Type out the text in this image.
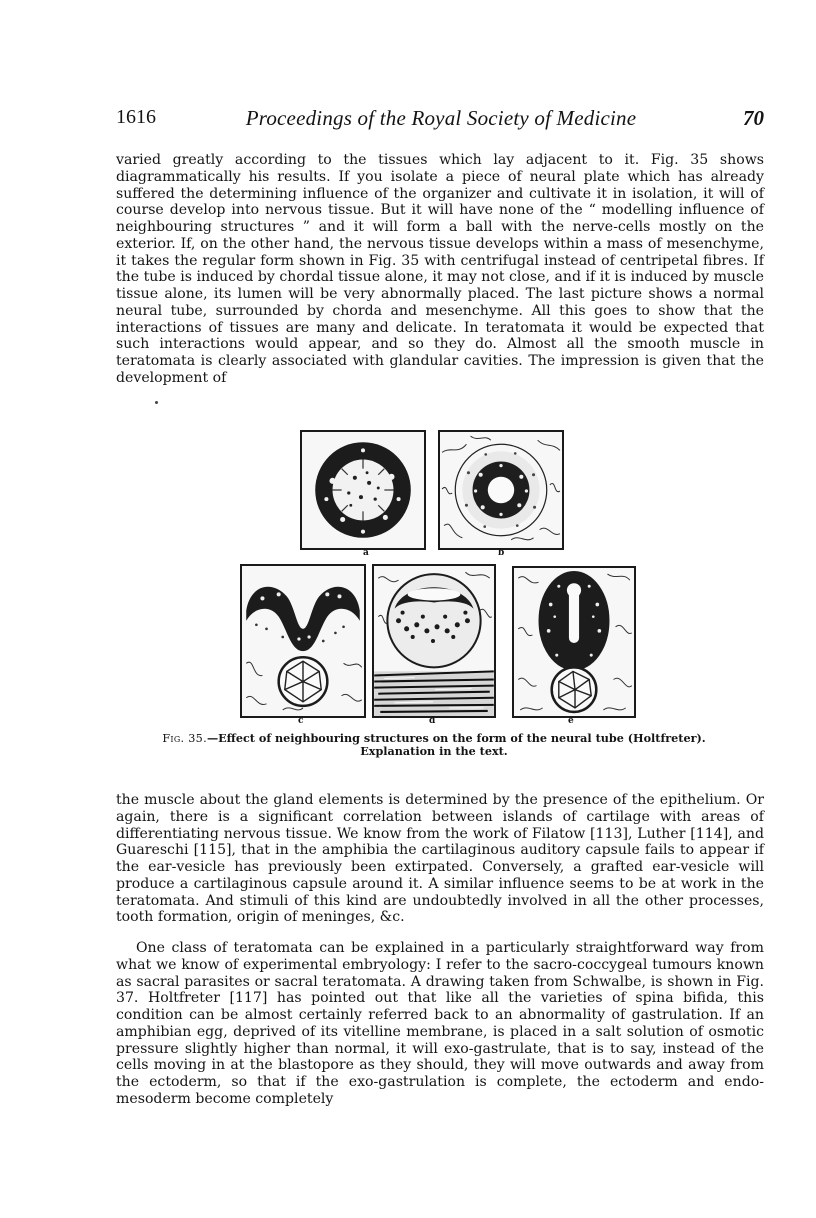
1616	Proceedings of the Royal Society of Medicine	70

varied greatly according to the tissues which lay adjacent to it. Fig. 35 shows diagrammatically his results. If you isolate a piece of neural plate which has already suffered the determining influence of the organizer and cultivate it in isolation, it will of course develop into nervous tissue. But it will have none of the “ modelling influence of neighbouring structures ” and it will form a ball with the nerve-cells mostly on the exterior. If, on the other hand, the nervous tissue develops within a mass of mesenchyme, it takes the regular form shown in Fig. 35 with centrifugal instead of centripetal fibres. If the tube is induced by chordal tissue alone, it may not close, and if it is induced by muscle tissue alone, its lumen will be very abnormally placed. The last picture shows a normal neural tube, surrounded by chorda and mesenchyme. All this goes to show that the interactions of tissues are many and delicate. In teratomata it would be expected that such interactions would appear, and so they do. Almost all the smooth muscle in teratomata is clearly associated with glandular cavities. The impression is given that the development of

a	b
c	d	e
Fig. 35.—Effect of neighbouring structures on the form of the neural tube (Holtfreter).
Explanation in the text.

the muscle about the gland elements is determined by the presence of the epithelium. Or again, there is a significant correlation between islands of cartilage with areas of differentiating nervous tissue. We know from the work of Filatow [113], Luther [114], and Guareschi [115], that in the amphibia the cartilaginous auditory capsule fails to appear if the ear-vesicle has previously been extirpated. Conversely, a grafted ear-vesicle will produce a cartilaginous capsule around it. A similar influence seems to be at work in the teratomata. And stimuli of this kind are undoubtedly involved in all the other processes, tooth formation, origin of meninges, &c.

One class of teratomata can be explained in a particularly straightforward way from what we know of experimental embryology: I refer to the sacro-coccygeal tumours known as sacral parasites or sacral teratomata. A drawing taken from Schwalbe, is shown in Fig. 37. Holtfreter [117] has pointed out that like all the varieties of spina bifida, this condition can be almost certainly referred back to an abnormality of gastrulation. If an amphibian egg, deprived of its vitelline membrane, is placed in a salt solution of osmotic pressure slightly higher than normal, it will exo-gastrulate, that is to say, instead of the cells moving in at the blastopore as they should, they will move outwards and away from the ectoderm, so that if the exo-gastrulation is complete, the ectoderm and endo-mesoderm become completely
